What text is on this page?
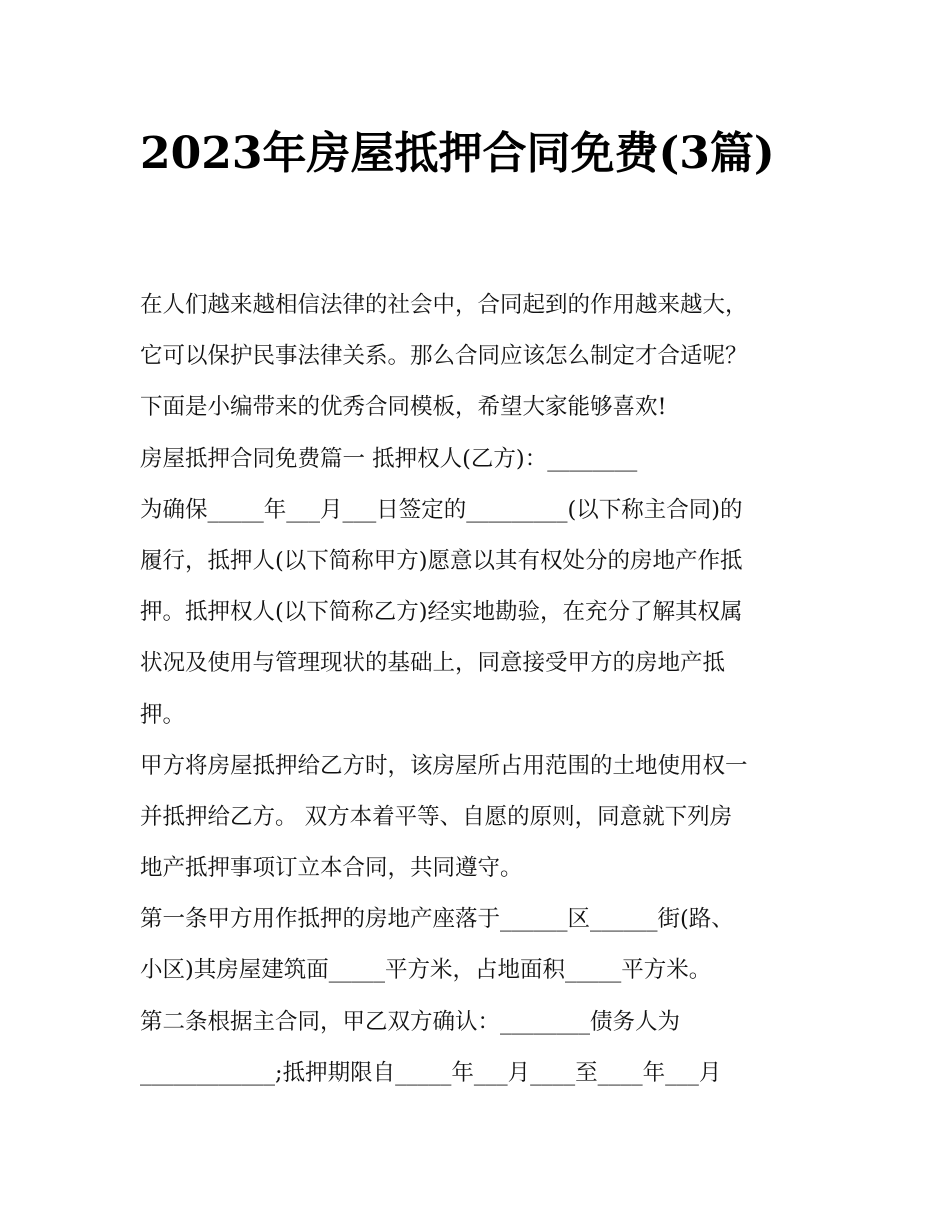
2023年房屋抵押合同免费(3篇)
在人们越来越相信法律的社会中，合同起到的作用越来越大，
它可以保护民事法律关系。那么合同应该怎么制定才合适呢？
下面是小编带来的优秀合同模板，希望大家能够喜欢!
房屋抵押合同免费篇一 抵押权人(乙方)：________
为确保_____年___月___日签定的_________(以下称主合同)的
履行，抵押人(以下简称甲方)愿意以其有权处分的房地产作抵
押。抵押权人(以下简称乙方)经实地勘验，在充分了解其权属
状况及使用与管理现状的基础上，同意接受甲方的房地产抵
押。
甲方将房屋抵押给乙方时，该房屋所占用范围的土地使用权一
并抵押给乙方。 双方本着平等、自愿的原则，同意就下列房
地产抵押事项订立本合同，共同遵守。
第一条甲方用作抵押的房地产座落于______区______街(路、
小区)其房屋建筑面_____平方米，占地面积_____平方米。
第二条根据主合同，甲乙双方确认：________债务人为
____________;抵押期限自_____年___月____至____年___月
